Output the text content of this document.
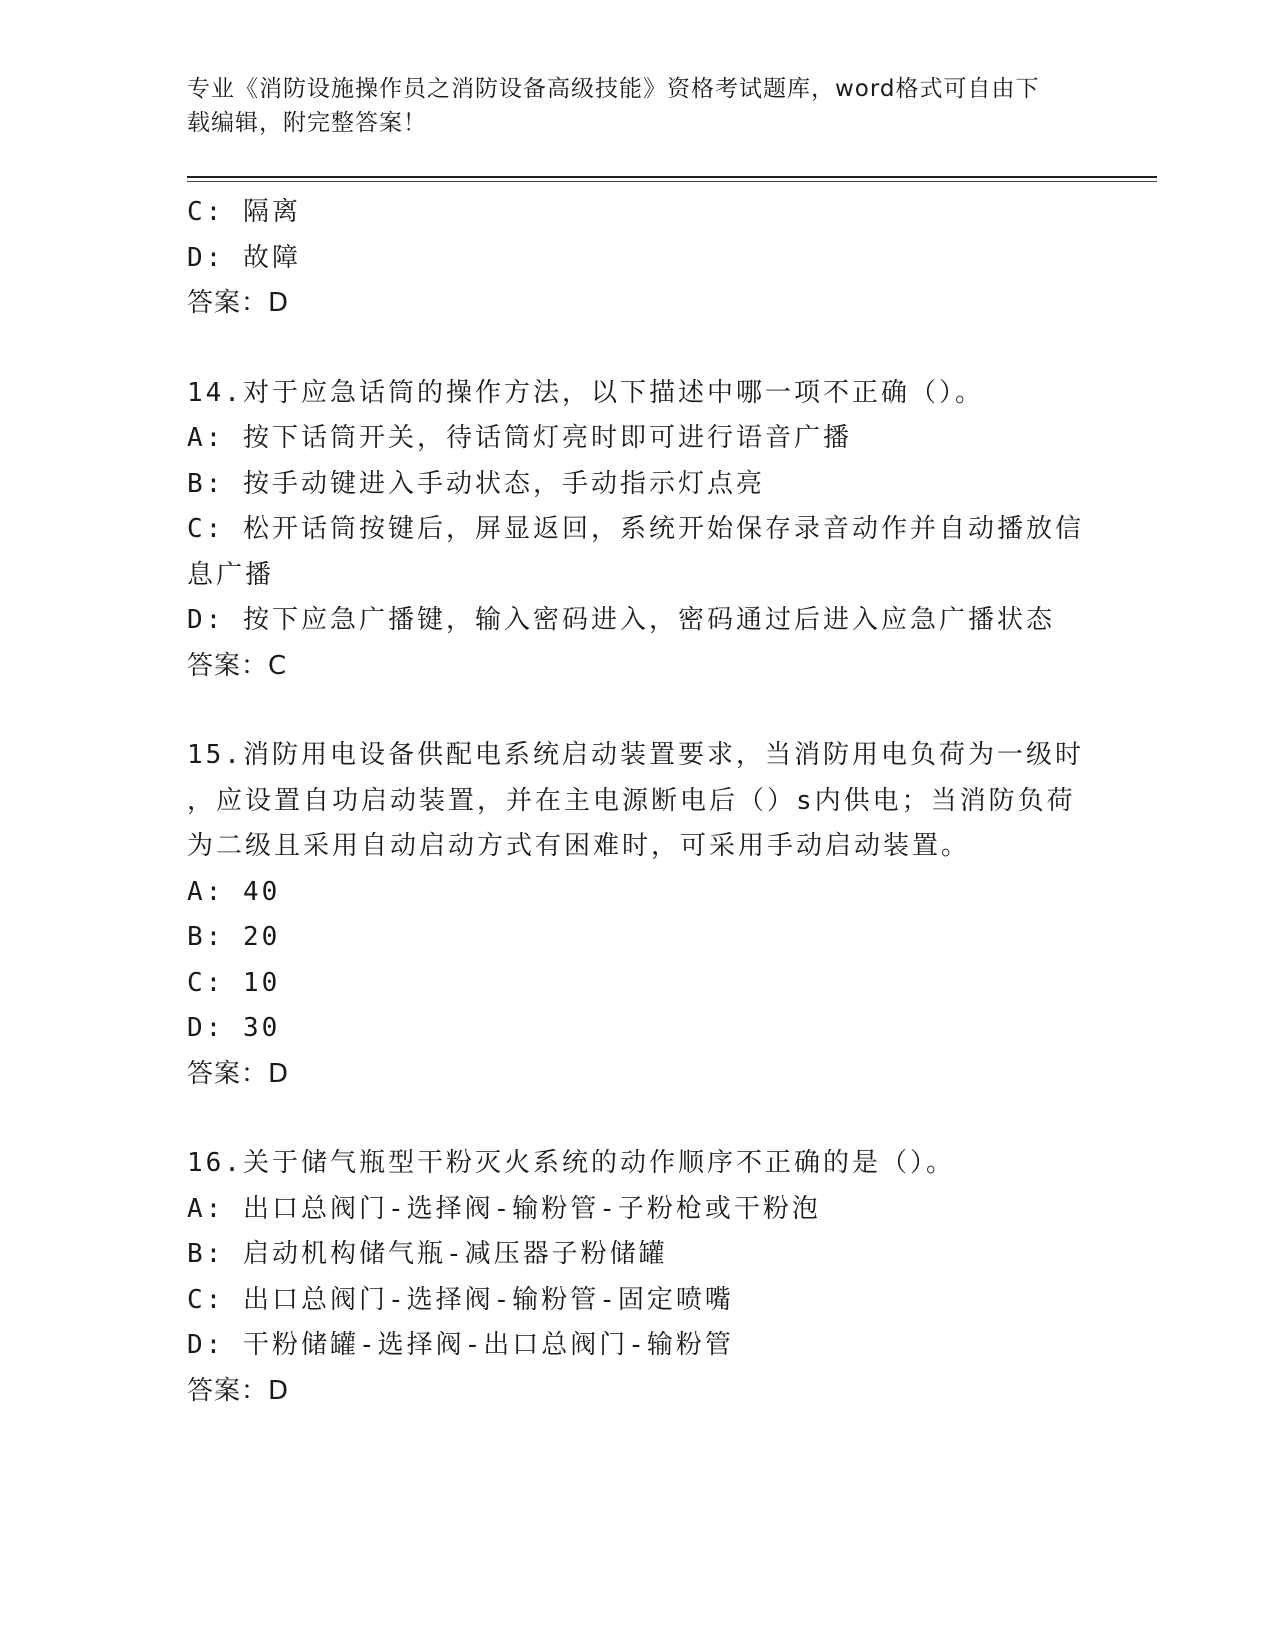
专业《消防设施操作员之消防设备高级技能》资格考试题库，word格式可自由下
载编辑，附完整答案！
C: 隔离
D: 故障
答案：D
14.对于应急话筒的操作方法，以下描述中哪一项不正确（）。
A: 按下话筒开关，待话筒灯亮时即可进行语音广播
B: 按手动键进入手动状态，手动指示灯点亮
C: 松开话筒按键后，屏显返回，系统开始保存录音动作并自动播放信
息广播
D: 按下应急广播键，输入密码进入，密码通过后进入应急广播状态
答案：C
15.消防用电设备供配电系统启动装置要求，当消防用电负荷为一级时
，应设置自功启动装置，并在主电源断电后（）s内供电；当消防负荷
为二级且采用自动启动方式有困难时，可采用手动启动装置。
A: 40
B: 20
C: 10
D: 30
答案：D
16.关于储气瓶型干粉灭火系统的动作顺序不正确的是（）。
A: 出口总阀门-选择阀-输粉管-子粉枪或干粉泡
B: 启动机构储气瓶-减压器子粉储罐
C: 出口总阀门-选择阀-输粉管-固定喷嘴
D: 干粉储罐-选择阀-出口总阀门-输粉管
答案：D
